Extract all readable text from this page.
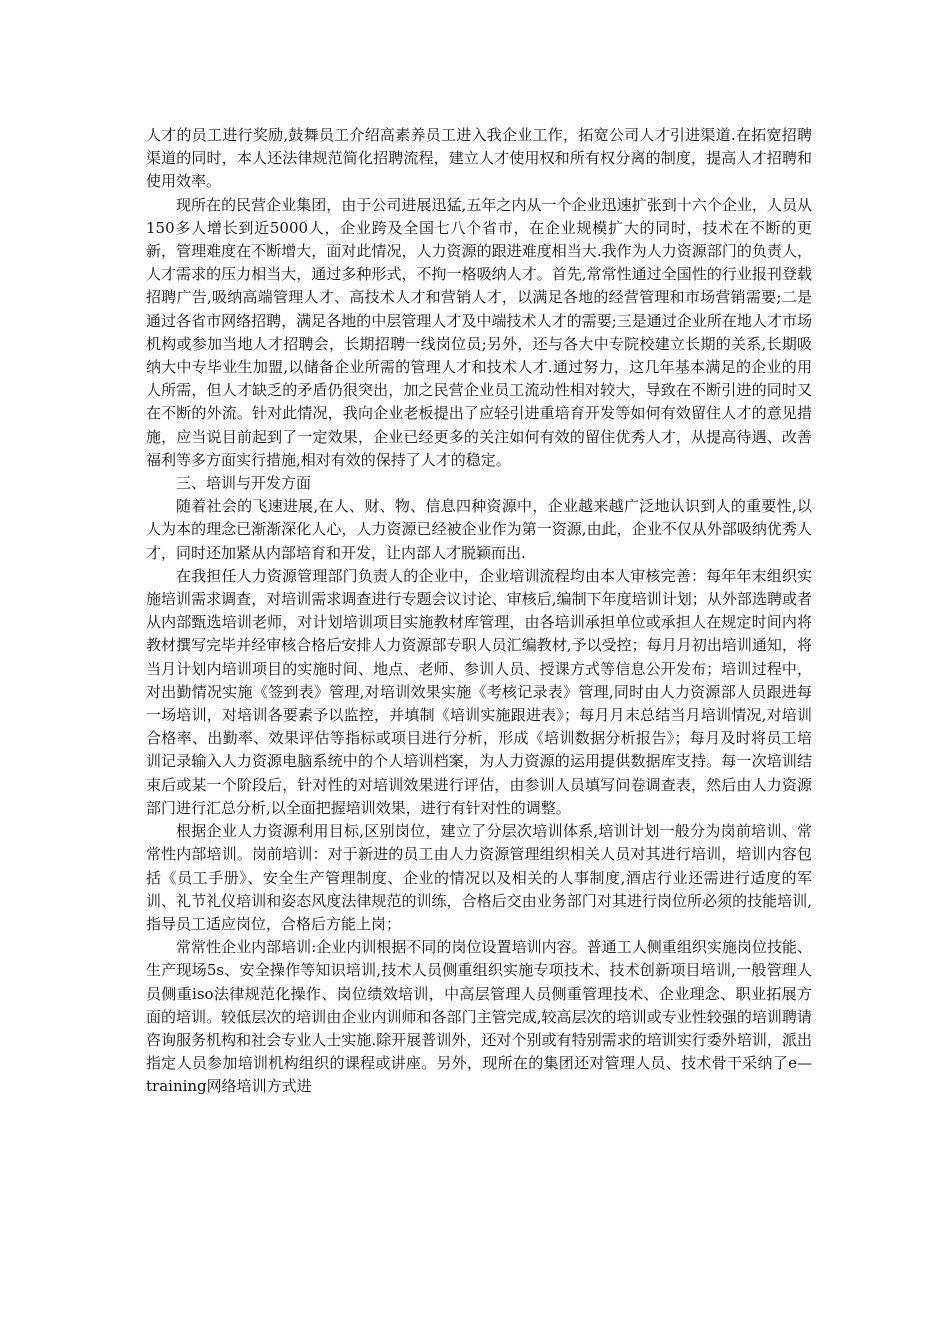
人才的员工进行奖励,鼓舞员工介绍高素养员工进入我企业工作，拓宽公司人才引进渠道.在拓宽招聘渠道的同时，本人还法律规范简化招聘流程，建立人才使用权和所有权分离的制度，提高人才招聘和使用效率。

现所在的民营企业集团，由于公司进展迅猛,五年之内从一个企业迅速扩张到十六个企业，人员从150多人增长到近5000人，企业跨及全国七八个省市，在企业规模扩大的同时，技术在不断的更新，管理难度在不断增大，面对此情况，人力资源的跟进难度相当大.我作为人力资源部门的负责人，人才需求的压力相当大，通过多种形式，不拘一格吸纳人才。首先,常常性通过全国性的行业报刊登载招聘广告,吸纳高端管理人才、高技术人才和营销人才，以满足各地的经营管理和市场营销需要;二是通过各省市网络招聘，满足各地的中层管理人才及中端技术人才的需要;三是通过企业所在地人才市场机构或参加当地人才招聘会，长期招聘一线岗位员;另外，还与各大中专院校建立长期的关系,长期吸纳大中专毕业生加盟,以储备企业所需的管理人才和技术人才.通过努力，这几年基本满足的企业的用人所需，但人才缺乏的矛盾仍很突出，加之民营企业员工流动性相对较大，导致在不断引进的同时又在不断的外流。针对此情况，我向企业老板提出了应轻引进重培育开发等如何有效留住人才的意见措施，应当说目前起到了一定效果，企业已经更多的关注如何有效的留住优秀人才，从提高待遇、改善福利等多方面实行措施,相对有效的保持了人才的稳定。

三、培训与开发方面

随着社会的飞速进展,在人、财、物、信息四种资源中，企业越来越广泛地认识到人的重要性,以人为本的理念已渐渐深化人心，人力资源已经被企业作为第一资源,由此，企业不仅从外部吸纳优秀人才，同时还加紧从内部培育和开发，让内部人才脱颖而出.

在我担任人力资源管理部门负责人的企业中，企业培训流程均由本人审核完善：每年年末组织实施培训需求调查，对培训需求调查进行专题会议讨论、审核后,编制下年度培训计划；从外部选聘或者从内部甄选培训老师，对计划培训项目实施教材库管理，由各培训承担单位或承担人在规定时间内将教材撰写完毕并经审核合格后安排人力资源部专职人员汇编教材,予以受控；每月月初出培训通知，将当月计划内培训项目的实施时间、地点、老师、参训人员、授课方式等信息公开发布；培训过程中，对出勤情况实施《签到表》管理,对培训效果实施《考核记录表》管理,同时由人力资源部人员跟进每一场培训，对培训各要素予以监控，并填制《培训实施跟进表》；每月月末总结当月培训情况,对培训合格率、出勤率、效果评估等指标或项目进行分析，形成《培训数据分析报告》；每月及时将员工培训记录输入人力资源电脑系统中的个人培训档案，为人力资源的运用提供数据库支持。每一次培训结束后或某一个阶段后，针对性的对培训效果进行评估，由参训人员填写问卷调查表，然后由人力资源部门进行汇总分析,以全面把握培训效果，进行有针对性的调整。

根据企业人力资源利用目标,区别岗位，建立了分层次培训体系,培训计划一般分为岗前培训、常常性内部培训。岗前培训：对于新进的员工由人力资源管理组织相关人员对其进行培训，培训内容包括《员工手册》、安全生产管理制度、企业的情况以及相关的人事制度,酒店行业还需进行适度的军训、礼节礼仪培训和姿态风度法律规范的训练，合格后交由业务部门对其进行岗位所必须的技能培训,指导员工适应岗位，合格后方能上岗；

常常性企业内部培训:企业内训根据不同的岗位设置培训内容。普通工人侧重组织实施岗位技能、生产现场5s、安全操作等知识培训,技术人员侧重组织实施专项技术、技术创新项目培训,一般管理人员侧重iso法律规范化操作、岗位绩效培训，中高层管理人员侧重管理技术、企业理念、职业拓展方面的培训。较低层次的培训由企业内训师和各部门主管完成,较高层次的培训或专业性较强的培训聘请咨询服务机构和社会专业人士实施.除开展普训外，还对个别或有特别需求的培训实行委外培训，派出指定人员参加培训机构组织的课程或讲座。另外，现所在的集团还对管理人员、技术骨干采纳了e—training网络培训方式进
